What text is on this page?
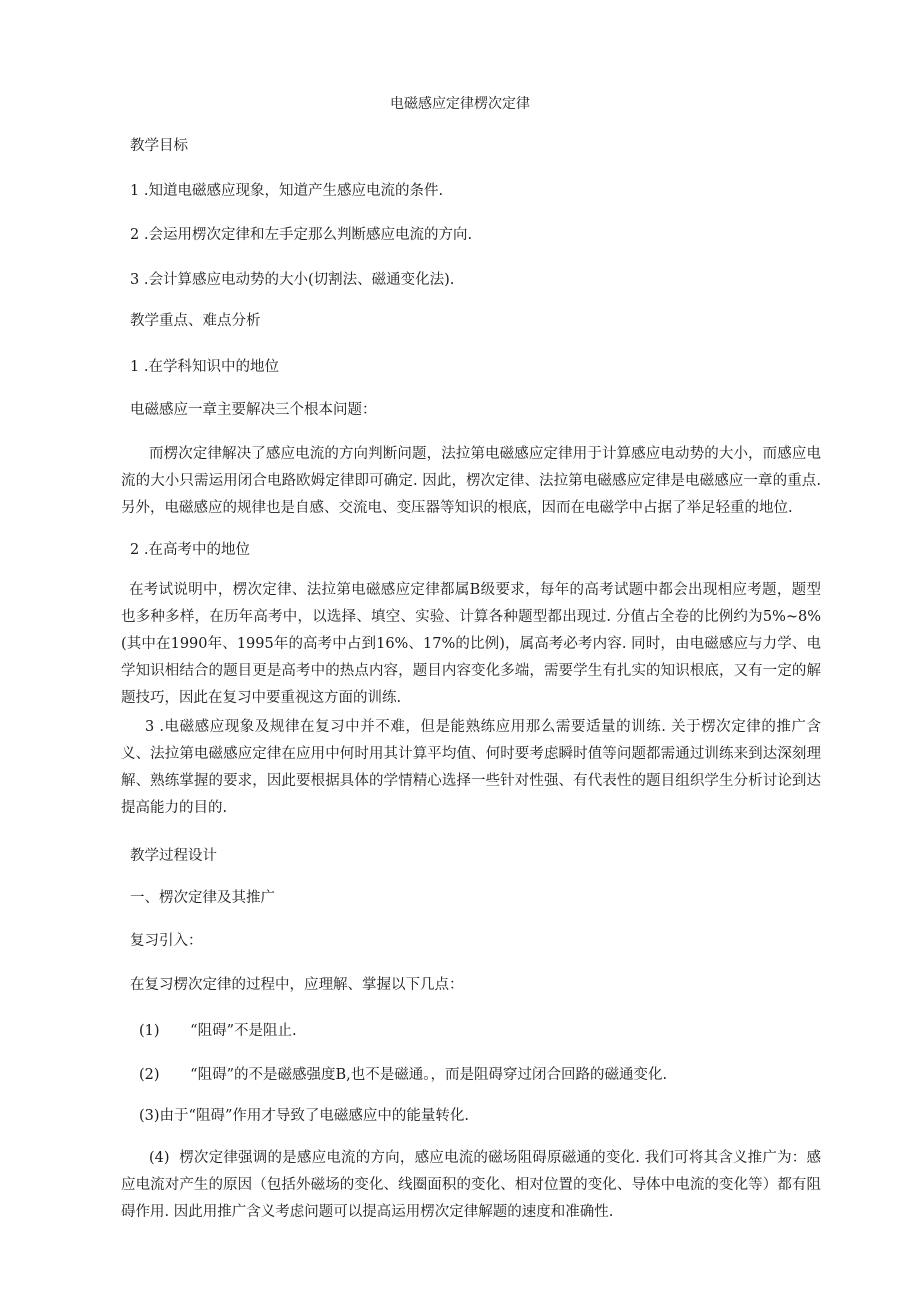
电磁感应定律楞次定律

教学目标

1 .知道电磁感应现象，知道产生感应电流的条件.

2 .会运用楞次定律和左手定那么判断感应电流的方向.

3 .会计算感应电动势的大小(切割法、磁通变化法).

教学重点、难点分析

1 .在学科知识中的地位

电磁感应一章主要解决三个根本问题：

而楞次定律解决了感应电流的方向判断问题，法拉第电磁感应定律用于计算感应电动势的大小，而感应电流的大小只需运用闭合电路欧姆定律即可确定. 因此，楞次定律、法拉第电磁感应定律是电磁感应一章的重点. 另外，电磁感应的规律也是自感、交流电、变压器等知识的根底，因而在电磁学中占据了举足轻重的地位.

2 .在高考中的地位

在考试说明中，楞次定律、法拉第电磁感应定律都属B级要求，每年的高考试题中都会出现相应考题，题型也多种多样，在历年高考中，以选择、填空、实验、计算各种题型都出现过. 分值占全卷的比例约为5%~8%(其中在1990年、1995年的高考中占到16%、17%的比例)，属高考必考内容. 同时，由电磁感应与力学、电学知识相结合的题目更是高考中的热点内容，题目内容变化多端，需要学生有扎实的知识根底，又有一定的解题技巧，因此在复习中要重视这方面的训练.

3 .电磁感应现象及规律在复习中并不难，但是能熟练应用那么需要适量的训练. 关于楞次定律的推广含义、法拉第电磁感应定律在应用中何时用其计算平均值、何时要考虑瞬时值等问题都需通过训练来到达深刻理解、熟练掌握的要求，因此要根据具体的学情精心选择一些针对性强、有代表性的题目组织学生分析讨论到达提高能力的目的.

教学过程设计

一、楞次定律及其推广

复习引入：

在复习楞次定律的过程中，应理解、掌握以下几点：

(1) “阻碍”不是阻止.

(2) “阻碍”的不是磁感强度B,也不是磁通。，而是阻碍穿过闭合回路的磁通变化.

(3)由于“阻碍”作用才导致了电磁感应中的能量转化.

(4) 楞次定律强调的是感应电流的方向，感应电流的磁场阻碍原磁通的变化. 我们可将其含义推广为：感应电流对产生的原因（包括外磁场的变化、线圈面积的变化、相对位置的变化、导体中电流的变化等）都有阻碍作用. 因此用推广含义考虑问题可以提高运用楞次定律解题的速度和准确性.
